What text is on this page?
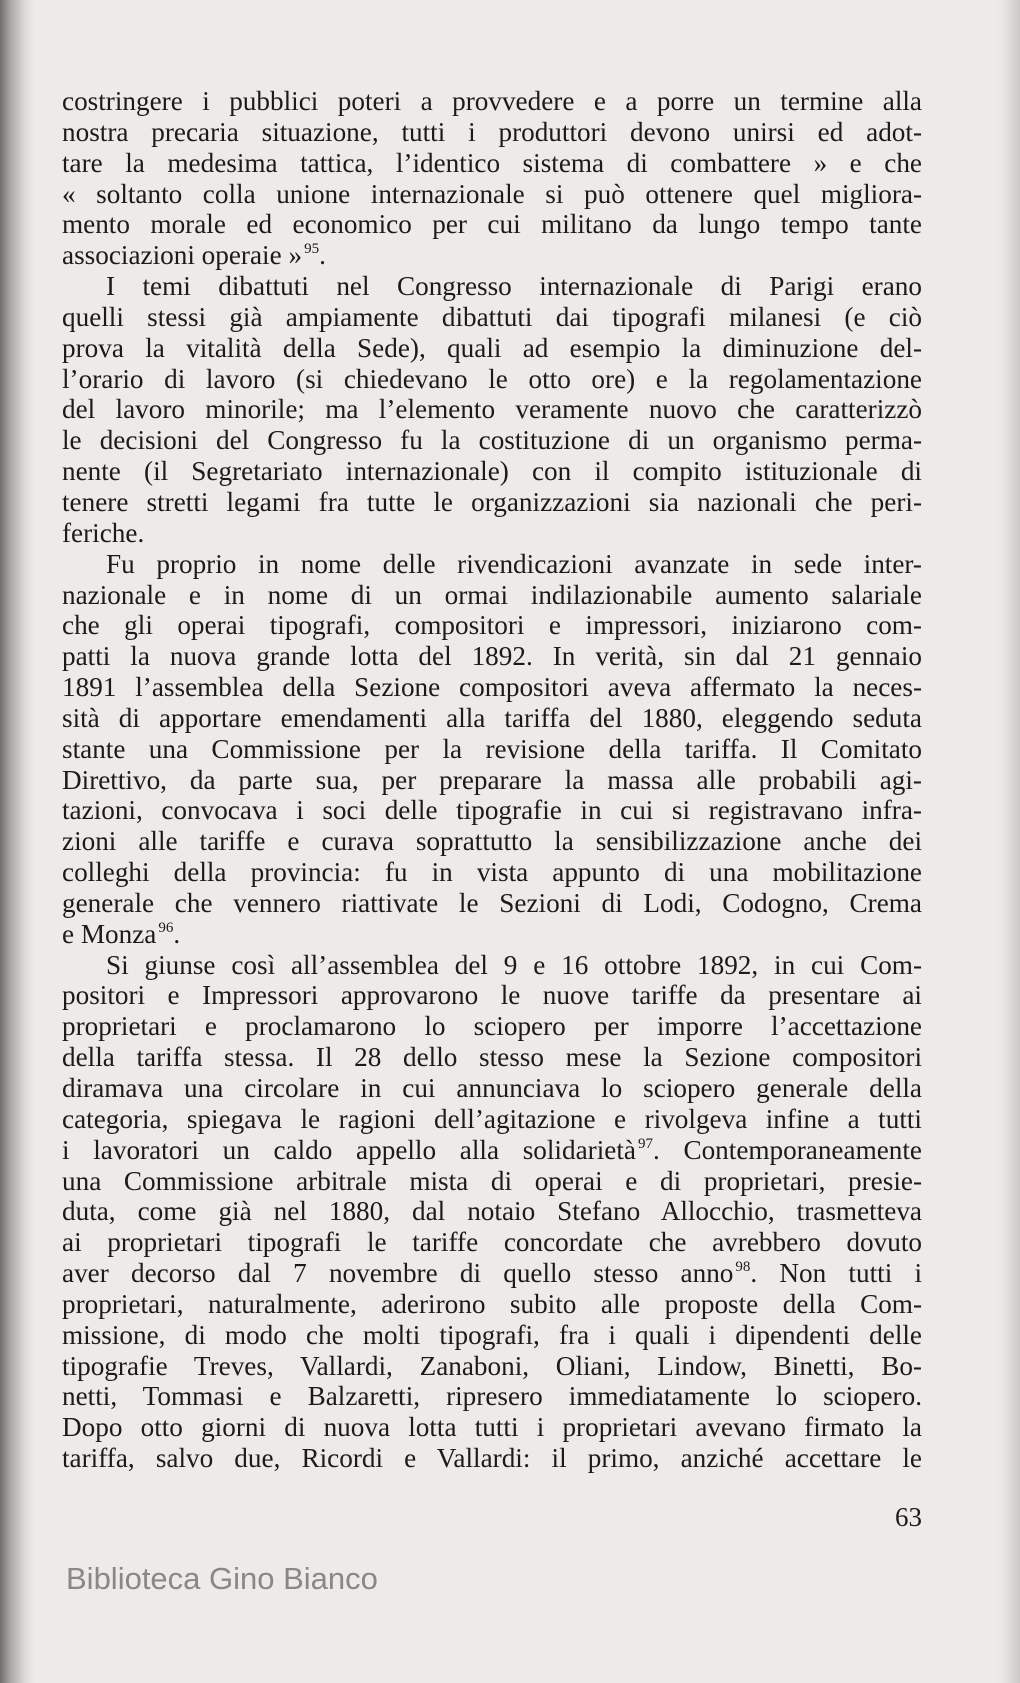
costringere i pubblici poteri a provvedere e a porre un termine alla
nostra precaria situazione, tutti i produttori devono unirsi ed adot-
tare la medesima tattica, l’identico sistema di combattere » e che
« soltanto colla unione internazionale si può ottenere quel migliora-
mento morale ed economico per cui militano da lungo tempo tante
associazioni operaie » $^{95}$.
I temi dibattuti nel Congresso internazionale di Parigi erano
quelli stessi già ampiamente dibattuti dai tipografi milanesi (e ciò
prova la vitalità della Sede), quali ad esempio la diminuzione del-
l’orario di lavoro (si chiedevano le otto ore) e la regolamentazione
del lavoro minorile; ma l’elemento veramente nuovo che caratterizzò
le decisioni del Congresso fu la costituzione di un organismo perma-
nente (il Segretariato internazionale) con il compito istituzionale di
tenere stretti legami fra tutte le organizzazioni sia nazionali che peri-
feriche.
Fu proprio in nome delle rivendicazioni avanzate in sede inter-
nazionale e in nome di un ormai indilazionabile aumento salariale
che gli operai tipografi, compositori e impressori, iniziarono com-
patti la nuova grande lotta del 1892. In verità, sin dal 21 gennaio
1891 l’assemblea della Sezione compositori aveva affermato la neces-
sità di apportare emendamenti alla tariffa del 1880, eleggendo seduta
stante una Commissione per la revisione della tariffa. Il Comitato
Direttivo, da parte sua, per preparare la massa alle probabili agi-
tazioni, convocava i soci delle tipografie in cui si registravano infra-
zioni alle tariffe e curava soprattutto la sensibilizzazione anche dei
colleghi della provincia: fu in vista appunto di una mobilitazione
generale che vennero riattivate le Sezioni di Lodi, Codogno, Crema
e Monza $^{96}$.
Si giunse così all’assemblea del 9 e 16 ottobre 1892, in cui Com-
positori e Impressori approvarono le nuove tariffe da presentare ai
proprietari e proclamarono lo sciopero per imporre l’accettazione
della tariffa stessa. Il 28 dello stesso mese la Sezione compositori
diramava una circolare in cui annunciava lo sciopero generale della
categoria, spiegava le ragioni dell’agitazione e rivolgeva infine a tutti
i lavoratori un caldo appello alla solidarietà $^{97}$. Contemporaneamente
una Commissione arbitrale mista di operai e di proprietari, presie-
duta, come già nel 1880, dal notaio Stefano Allocchio, trasmetteva
ai proprietari tipografi le tariffe concordate che avrebbero dovuto
aver decorso dal 7 novembre di quello stesso anno $^{98}$. Non tutti i
proprietari, naturalmente, aderirono subito alle proposte della Com-
missione, di modo che molti tipografi, fra i quali i dipendenti delle
tipografie Treves, Vallardi, Zanaboni, Oliani, Lindow, Binetti, Bo-
netti, Tommasi e Balzaretti, ripresero immediatamente lo sciopero.
Dopo otto giorni di nuova lotta tutti i proprietari avevano firmato la
tariffa, salvo due, Ricordi e Vallardi: il primo, anziché accettare le
63
Biblioteca Gino Bianco
